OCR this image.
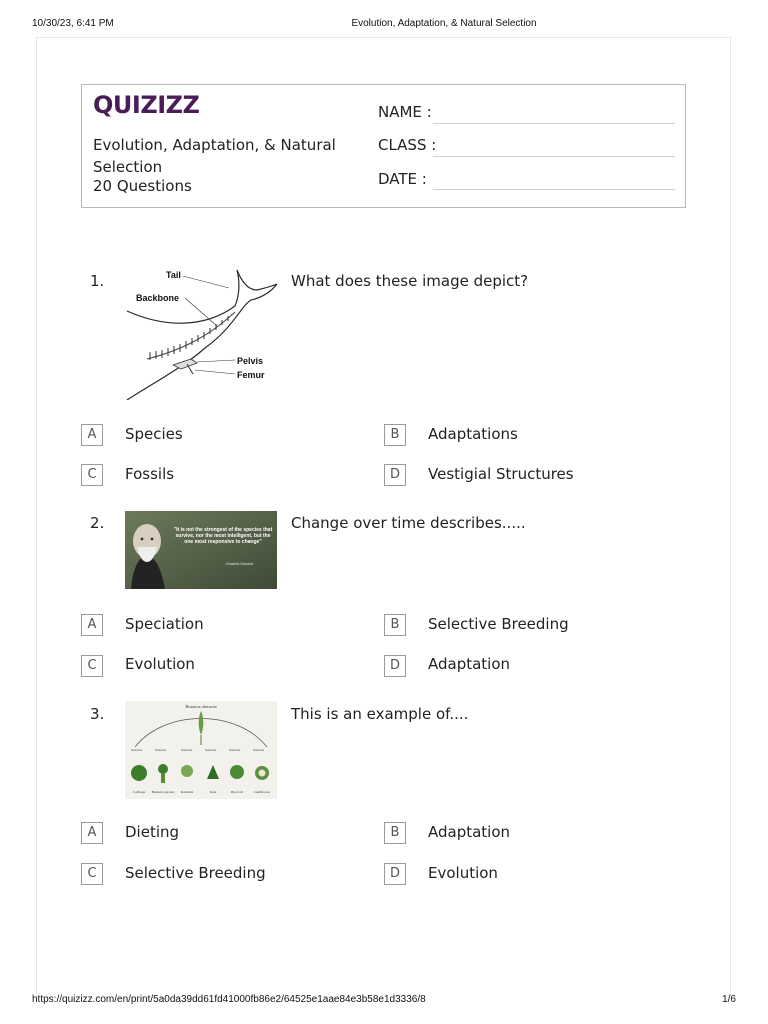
10/30/23, 6:41 PM	Evolution, Adaptation, & Natural Selection
QUIZIZZ
Evolution, Adaptation, & Natural Selection
20 Questions
NAME :
CLASS :
DATE :
1.	Tail
Backbone
Pelvis
Femur
What does these image depict?
A	Species	B	Adaptations
C	Fossils	D	Vestigial Structures
2.	"It is not the strongest of the species that survive, nor the most intelligent, but the one most responsive to change"
- Charles Darwin
Change over time describes.....
A	Speciation	B	Selective Breeding
C	Evolution	D	Adaptation
3.	Brassica oleracea
Selection	Selection	Selection	Selection	Selection	Selection
Cabbage Brussels sprouts Kohlrabi	Kale	Broccoli	Cauliflower
This is an example of....
A	Dieting	B	Adaptation
C	Selective Breeding	D	Evolution
https://quizizz.com/en/print/5a0da39dd61fd41000fb86e2/64525e1aae84e3b58e1d3336/8	1/6
